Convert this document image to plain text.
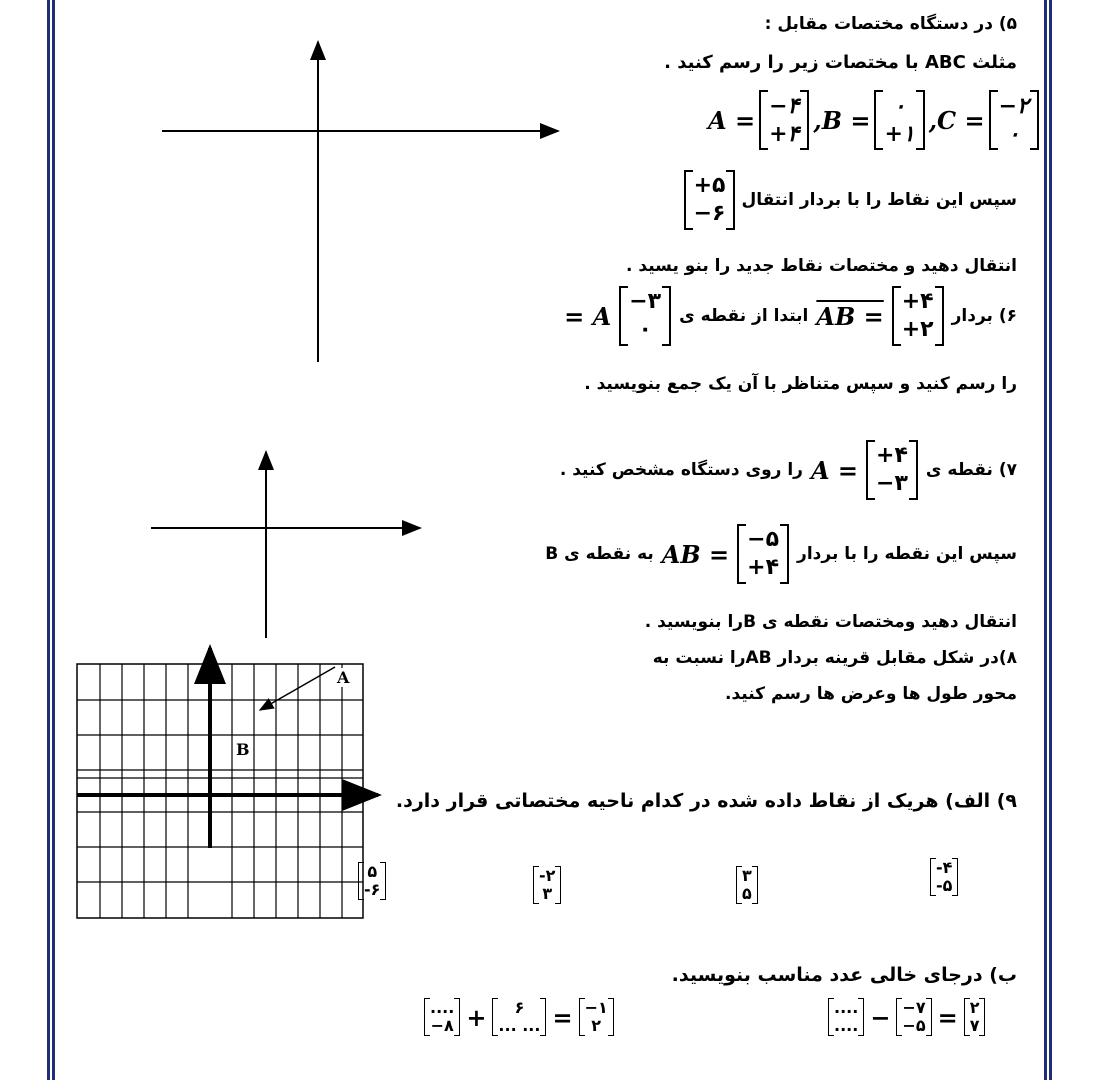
A
B
۵) در دستگاه مختصات مقابل :
مثلث ABC با مختصات زیر را رسم کنید .
A = −۴
+۴ ,B = ۰
+۱ ,C = −۲
۰
سپس این نقاط را با بردار انتقال
+۵
−۶
انتقال دهید و مختصات نقاط جدید را بنو یسید .
۶) بردار
+۴
+۲
AB =
ابتدا از نقطه ی
−۳
۰
= A
را رسم کنید و سپس متناظر با آن یک جمع بنویسید .
۷) نقطه ی
+۴
−۳
A =
را روی دستگاه مشخص کنید .
سپس این نقطه را با بردار
−۵
+۴
AB =
به نقطه ی B
انتقال دهید ومختصات نقطه ی Bرا بنویسید .
۸)در شکل مقابل قرینه بردار ABرا نسبت به
محور طول ها وعرض ها رسم کنید.
۹) الف) هریک از نقاط داده شده در کدام ناحیه مختصاتی قرار دارد.
-۴
-۵
۳
۵
-۲
۳
۵
-۶
ب) درجای خالی عدد مناسب بنویسید.
....
.... − −۷
−۵ = ۲
۷
....
−۸ + ۶
... ... = −۱
۲
